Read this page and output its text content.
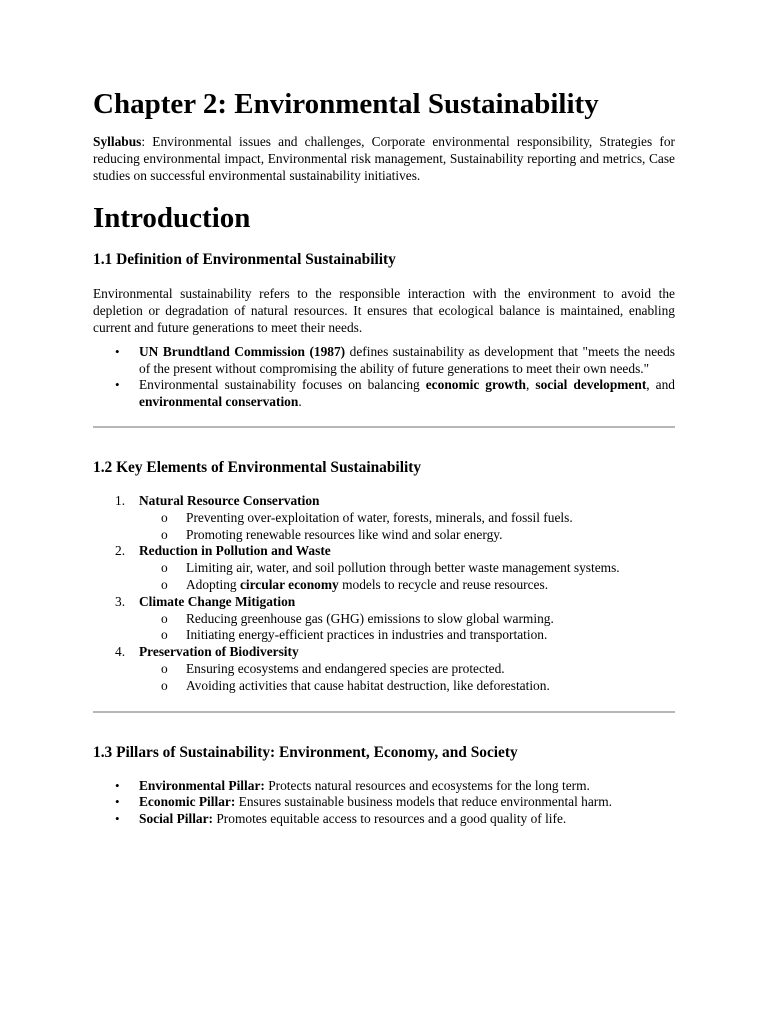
Chapter 2: Environmental Sustainability

Syllabus: Environmental issues and challenges, Corporate environmental responsibility, Strategies for reducing environmental impact, Environmental risk management, Sustainability reporting and metrics, Case studies on successful environmental sustainability initiatives.

Introduction
1.1 Definition of Environmental Sustainability

Environmental sustainability refers to the responsible interaction with the environment to avoid the depletion or degradation of natural resources. It ensures that ecological balance is maintained, enabling current and future generations to meet their needs.

• UN Brundtland Commission (1987) defines sustainability as development that "meets the needs of the present without compromising the ability of future generations to meet their own needs."
• Environmental sustainability focuses on balancing economic growth, social development, and environmental conservation.
1.2 Key Elements of Environmental Sustainability
1. Natural Resource Conservation
o Preventing over-exploitation of water, forests, minerals, and fossil fuels.
o Promoting renewable resources like wind and solar energy.
2. Reduction in Pollution and Waste
o Limiting air, water, and soil pollution through better waste management systems.
o Adopting circular economy models to recycle and reuse resources.
3. Climate Change Mitigation
o Reducing greenhouse gas (GHG) emissions to slow global warming.
o Initiating energy-efficient practices in industries and transportation.
4. Preservation of Biodiversity
o Ensuring ecosystems and endangered species are protected.
o Avoiding activities that cause habitat destruction, like deforestation.
1.3 Pillars of Sustainability: Environment, Economy, and Society
• Environmental Pillar: Protects natural resources and ecosystems for the long term.
• Economic Pillar: Ensures sustainable business models that reduce environmental harm.
• Social Pillar: Promotes equitable access to resources and a good quality of life.
